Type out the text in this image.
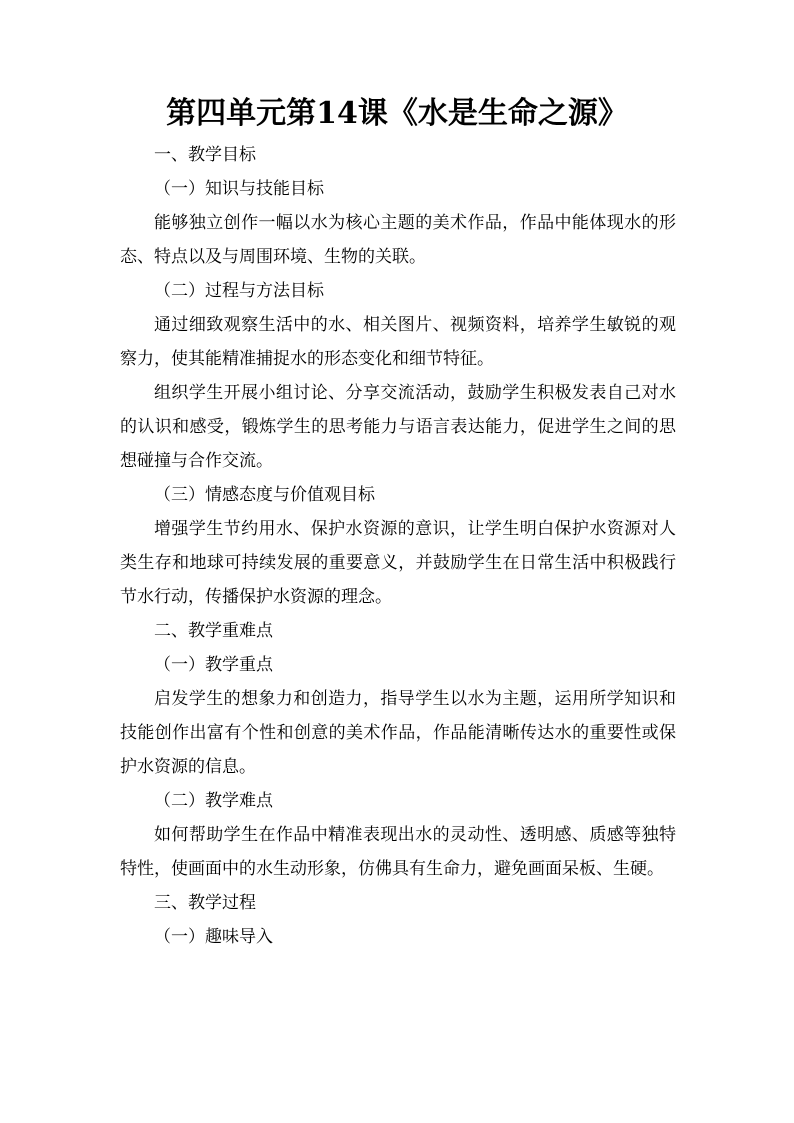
第四单元第14课《水是生命之源》

一、教学目标

（一）知识与技能目标

能够独立创作一幅以水为核心主题的美术作品，作品中能体现水的形态、特点以及与周围环境、生物的关联。

（二）过程与方法目标

通过细致观察生活中的水、相关图片、视频资料，培养学生敏锐的观察力，使其能精准捕捉水的形态变化和细节特征。

组织学生开展小组讨论、分享交流活动，鼓励学生积极发表自己对水的认识和感受，锻炼学生的思考能力与语言表达能力，促进学生之间的思想碰撞与合作交流。

（三）情感态度与价值观目标

增强学生节约用水、保护水资源的意识，让学生明白保护水资源对人类生存和地球可持续发展的重要意义，并鼓励学生在日常生活中积极践行节水行动，传播保护水资源的理念。

二、教学重难点

（一）教学重点

启发学生的想象力和创造力，指导学生以水为主题，运用所学知识和技能创作出富有个性和创意的美术作品，作品能清晰传达水的重要性或保护水资源的信息。

（二）教学难点

如何帮助学生在作品中精准表现出水的灵动性、透明感、质感等独特特性，使画面中的水生动形象，仿佛具有生命力，避免画面呆板、生硬。

三、教学过程

（一）趣味导入
